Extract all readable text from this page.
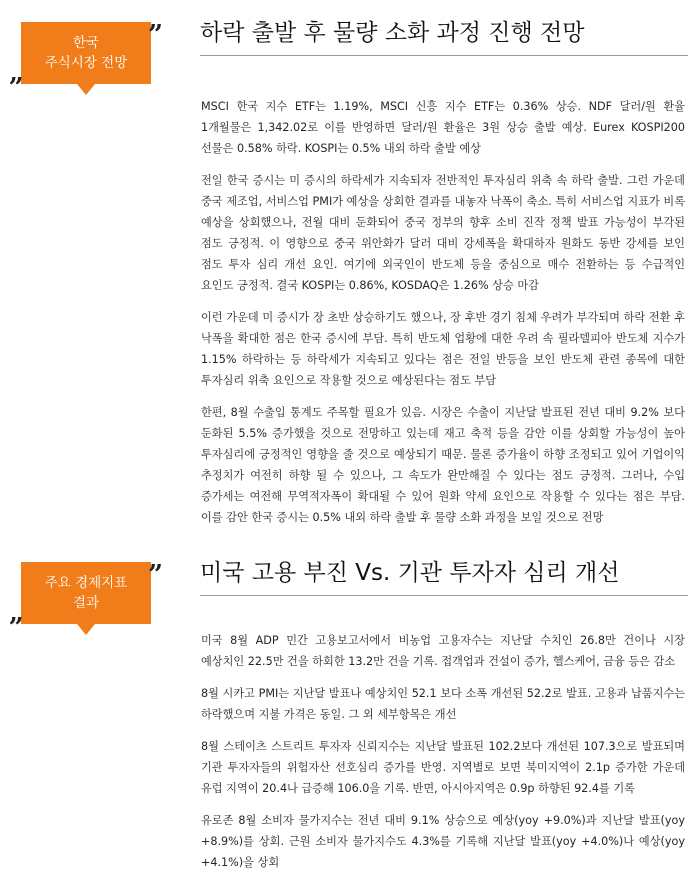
한국
주식시장 전망
”
„
하락 출발 후 물량 소화 과정 진행 전망

MSCI 한국 지수 ETF는 1.19%, MSCI 신흥 지수 ETF는 0.36% 상승. NDF 달러/원 환율 1개월물은 1,342.02로 이를 반영하면 달러/원 환율은 3원 상승 출발 예상. Eurex KOSPI200 선물은 0.58% 하락. KOSPI는 0.5% 내외 하락 출발 예상

전일 한국 증시는 미 증시의 하락세가 지속되자 전반적인 투자심리 위축 속 하락 출발. 그런 가운데 중국 제조업, 서비스업 PMI가 예상을 상회한 결과를 내놓자 낙폭이 축소. 특히 서비스업 지표가 비록 예상을 상회했으나, 전월 대비 둔화되어 중국 정부의 향후 소비 진작 정책 발표 가능성이 부각된 점도 긍정적. 이 영향으로 중국 위안화가 달러 대비 강세폭을 확대하자 원화도 동반 강세를 보인 점도 투자 심리 개선 요인. 여기에 외국인이 반도체 등을 중심으로 매수 전환하는 등 수급적인 요인도 긍정적. 결국 KOSPI는 0.86%, KOSDAQ은 1.26% 상승 마감

이런 가운데 미 증시가 장 초반 상승하기도 했으나, 장 후반 경기 침체 우려가 부각되며 하락 전환 후 낙폭을 확대한 점은 한국 증시에 부담. 특히 반도체 업황에 대한 우려 속 필라델피아 반도체 지수가 1.15% 하락하는 등 하락세가 지속되고 있다는 점은 전일 반등을 보인 반도체 관련 종목에 대한 투자심리 위축 요인으로 작용할 것으로 예상된다는 점도 부담

한편, 8월 수출입 통계도 주목할 필요가 있음. 시장은 수출이 지난달 발표된 전년 대비 9.2% 보다 둔화된 5.5% 증가했을 것으로 전망하고 있는데 재고 축적 등을 감안 이를 상회할 가능성이 높아 투자심리에 긍정적인 영향을 줄 것으로 예상되기 때문. 물론 증가율이 하향 조정되고 있어 기업이익 추정치가 여전히 하향 될 수 있으나, 그 속도가 완만해질 수 있다는 점도 긍정적. 그러나, 수입 증가세는 여전해 무역적자폭이 확대될 수 있어 원화 약세 요인으로 작용할 수 있다는 점은 부담. 이를 감안 한국 증시는 0.5% 내외 하락 출발 후 물량 소화 과정을 보일 것으로 전망

주요 경제지표
결과
”
„
미국 고용 부진 Vs. 기관 투자자 심리 개선

미국 8월 ADP 민간 고용보고서에서 비농업 고용자수는 지난달 수치인 26.8만 건이나 시장 예상치인 22.5만 건을 하회한 13.2만 건을 기록. 접객업과 건설이 증가, 헬스케어, 금융 등은 감소

8월 시카고 PMI는 지난달 발표나 예상치인 52.1 보다 소폭 개선된 52.2로 발표. 고용과 납품지수는 하락했으며 지불 가격은 동일. 그 외 세부항목은 개선

8월 스테이츠 스트리트 투자자 신뢰지수는 지난달 발표된 102.2보다 개선된 107.3으로 발표되며 기관 투자자들의 위험자산 선호심리 증가를 반영. 지역별로 보면 북미지역이 2.1p 증가한 가운데 유럽 지역이 20.4나 급증해 106.0을 기록. 반면, 아시아지역은 0.9p 하향된 92.4를 기록

유로존 8월 소비자 물가지수는 전년 대비 9.1% 상승으로 예상(yoy +9.0%)과 지난달 발표(yoy +8.9%)를 상회. 근원 소비자 물가지수도 4.3%를 기록해 지난달 발표(yoy +4.0%)나 예상(yoy +4.1%)을 상회
